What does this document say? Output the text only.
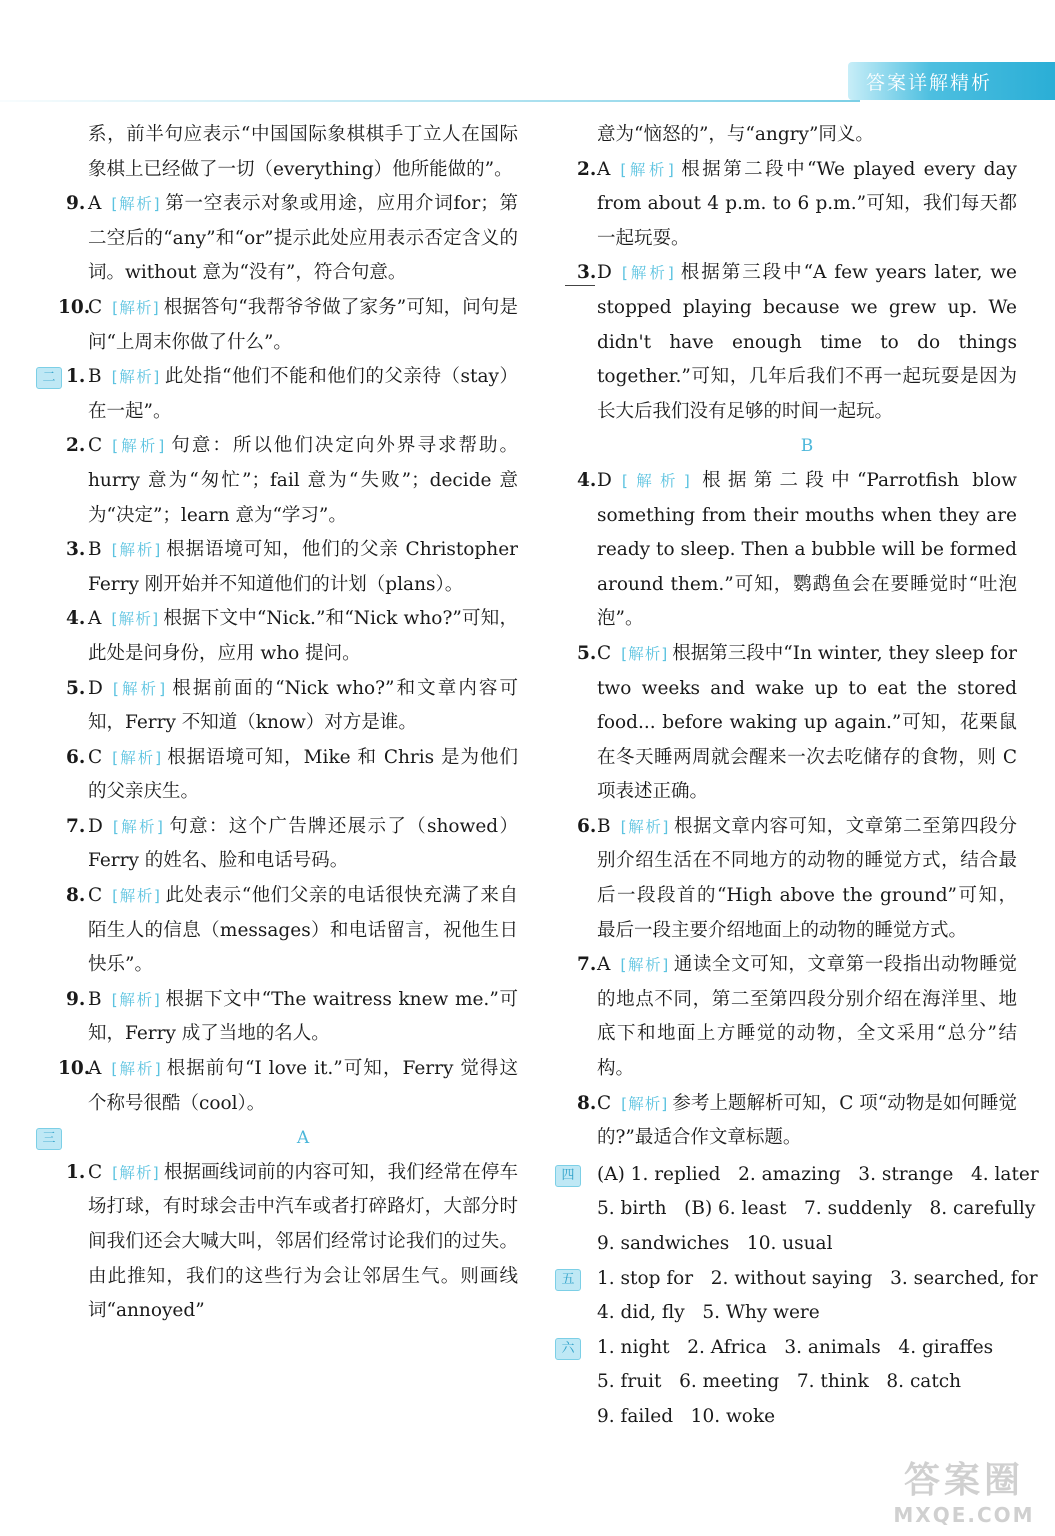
答案详解精析
系，前半句应表示“中国国际象棋棋手丁立人在国际象棋上已经做了一切（everything）他所能做的”。
9. A [解析] 第一空表示对象或用途，应用介词for；第二空后的“any”和“or”提示此处应用表示否定含义的词。without 意为“没有”，符合句意。
10.
C [解析] 根据答句“我帮爷爷做了家务”可知，问句是问“上周末你做了什么”。
二 1. B [解析] 此处指“他们不能和他们的父亲待（stay）在一起”。
2. C [解析] 句意：所以他们决定向外界寻求帮助。hurry 意为“匆忙”；fail 意为“失败”；decide 意为“决定”；learn 意为“学习”。
3. B [解析] 根据语境可知，他们的父亲 Christopher Ferry 刚开始并不知道他们的计划（plans）。
4. A [解析] 根据下文中“Nick.”和“Nick who?”可知，此处是问身份，应用 who 提问。
5. D [解析] 根据前面的“Nick who?”和文章内容可知，Ferry 不知道（know）对方是谁。
6. C [解析] 根据语境可知，Mike 和 Chris 是为他们的父亲庆生。
7. D [解析] 句意：这个广告牌还展示了（showed）Ferry 的姓名、脸和电话号码。
8. C [解析] 此处表示“他们父亲的电话很快充满了来自陌生人的信息（messages）和电话留言，祝他生日快乐”。
9. B [解析] 根据下文中“The waitress knew me.”可知，Ferry 成了当地的名人。
10.
A [解析] 根据前句“I love it.”可知，Ferry 觉得这个称号很酷（cool）。
三	A
1. C [解析] 根据画线词前的内容可知，我们经常在停车场打球，有时球会击中汽车或者打碎路灯，大部分时间我们还会大喊大叫，邻居们经常讨论我们的过失。由此推知，我们的这些行为会让邻居生气。则画线词“annoyed”
意为“恼怒的”，与“angry”同义。
2. A [解析] 根据第二段中“We played every day from about 4 p.m. to 6 p.m.”可知，我们每天都一起玩耍。
3. D [解析] 根据第三段中“A few years later, we stopped playing because we grew up. We didn't have enough time to do things together.”可知，几年后我们不再一起玩耍是因为长大后我们没有足够的时间一起玩。
B
4. D [解析] 根据第二段中“Parrotfish blow something from their mouths when they are ready to sleep. Then a bubble will be formed around them.”可知，鹦鹉鱼会在要睡觉时“吐泡泡”。
5. C [解析] 根据第三段中“In winter, they sleep for two weeks and wake up to eat the stored food... before waking up again.”可知，花栗鼠在冬天睡两周就会醒来一次去吃储存的食物，则 C 项表述正确。
6. B [解析] 根据文章内容可知，文章第二至第四段分别介绍生活在不同地方的动物的睡觉方式，结合最后一段段首的“High above the ground”可知，最后一段主要介绍地面上的动物的睡觉方式。
7. A [解析] 通读全文可知，文章第一段指出动物睡觉的地点不同，第二至第四段分别介绍在海洋里、地底下和地面上方睡觉的动物，全文采用“总分”结构。
8. C [解析] 参考上题解析可知，C 项“动物是如何睡觉的?”最适合作文章标题。
四	(A) 1. replied   2. amazing   3. strange   4. later
5. birth   (B) 6. least   7. suddenly   8. carefully
9. sandwiches   10. usual
五	1. stop for   2. without saying   3. searched, for
4. did, fly   5. Why were
六	1. night   2. Africa   3. animals   4. giraffes
5. fruit   6. meeting   7. think   8. catch
9. failed   10. woke
答案圈
MXQE.COM
